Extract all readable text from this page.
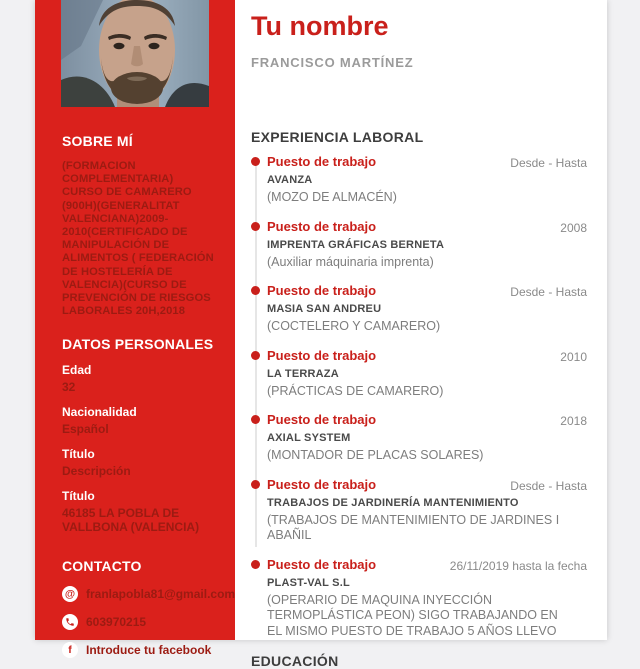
SOBRE MÍ
(FORMACION COMPLEMENTARIA) CURSO DE CAMARERO (900H)(GENERALITAT VALENCIANA)2009-2010(CERTIFICADO DE MANIPULACIÓN DE ALIMENTOS ( FEDERACIÓN DE HOSTELERÍA DE VALENCIA)(CURSO DE PREVENCIÓN DE RIESGOS LABORALES 20H,2018
DATOS PERSONALES
Edad
32
Nacionalidad
Español
Título
Descripción
Título
46185 LA POBLA DE VALLBONA (VALENCIA)
CONTACTO
@ franlapobla81@gmail.com
603970215
f Introduce tu facebook
Tu nombre
FRANCISCO MARTÍNEZ
EXPERIENCIA LABORAL
Puesto de trabajo	Desde - Hasta
AVANZA
(MOZO DE ALMACÉN)
Puesto de trabajo	2008
IMPRENTA GRÁFICAS BERNETA
(Auxiliar máquinaria imprenta)
Puesto de trabajo	Desde - Hasta
MASIA SAN ANDREU
(COCTELERO Y CAMARERO)
Puesto de trabajo	2010
LA TERRAZA
(PRÁCTICAS DE CAMARERO)
Puesto de trabajo	2018
AXIAL SYSTEM
(MONTADOR DE PLACAS SOLARES)
Puesto de trabajo	Desde - Hasta
TRABAJOS DE JARDINERÍA MANTENIMIENTO
(TRABAJOS DE MANTENIMIENTO DE JARDINES I ABAÑIL
Puesto de trabajo	26/11/2019 hasta la fecha
PLAST-VAL S.L
(OPERARIO DE MAQUINA INYECCIÓN TERMOPLÁSTICA PEON) SIGO TRABAJANDO EN EL MISMO PUESTO DE TRABAJO 5 AÑOS LLEVO
EDUCACIÓN
